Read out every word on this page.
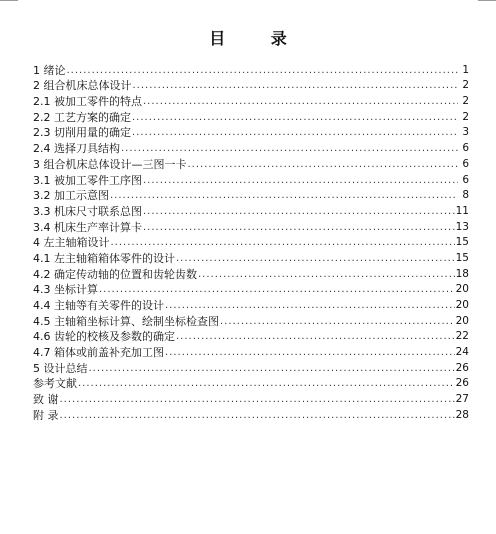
目 录
1 绪论 .....	1
2 组合机床总体设计 .....	2
2.1 被加工零件的特点 .....	2
2.2 工艺方案的确定 .....	2
2.3 切削用量的确定 .....	3
2.4 选择刀具结构 .....	6
3 组合机床总体设计—三图一卡 .....	6
3.1 被加工零件工序图 .....	6
3.2 加工示意图 .....	8
3.3 机床尺寸联系总图 .....	11
3.4 机床生产率计算卡 .....	13
4 左主轴箱设计 .....	15
4.1 左主轴箱箱体零件的设计 .....	15
4.2 确定传动轴的位置和齿轮齿数 .....	18
4.3 坐标计算 .....	20
4.4 主轴等有关零件的设计 .....	20
4.5 主轴箱坐标计算、绘制坐标检查图 .....	20
4.6 齿轮的校核及参数的确定 .....	22
4.7 箱体或前盖补充加工图 .....	24
5 设计总结 .....	26
参考文献 .....	26
致 谢 .....	27
附 录 .....	28
